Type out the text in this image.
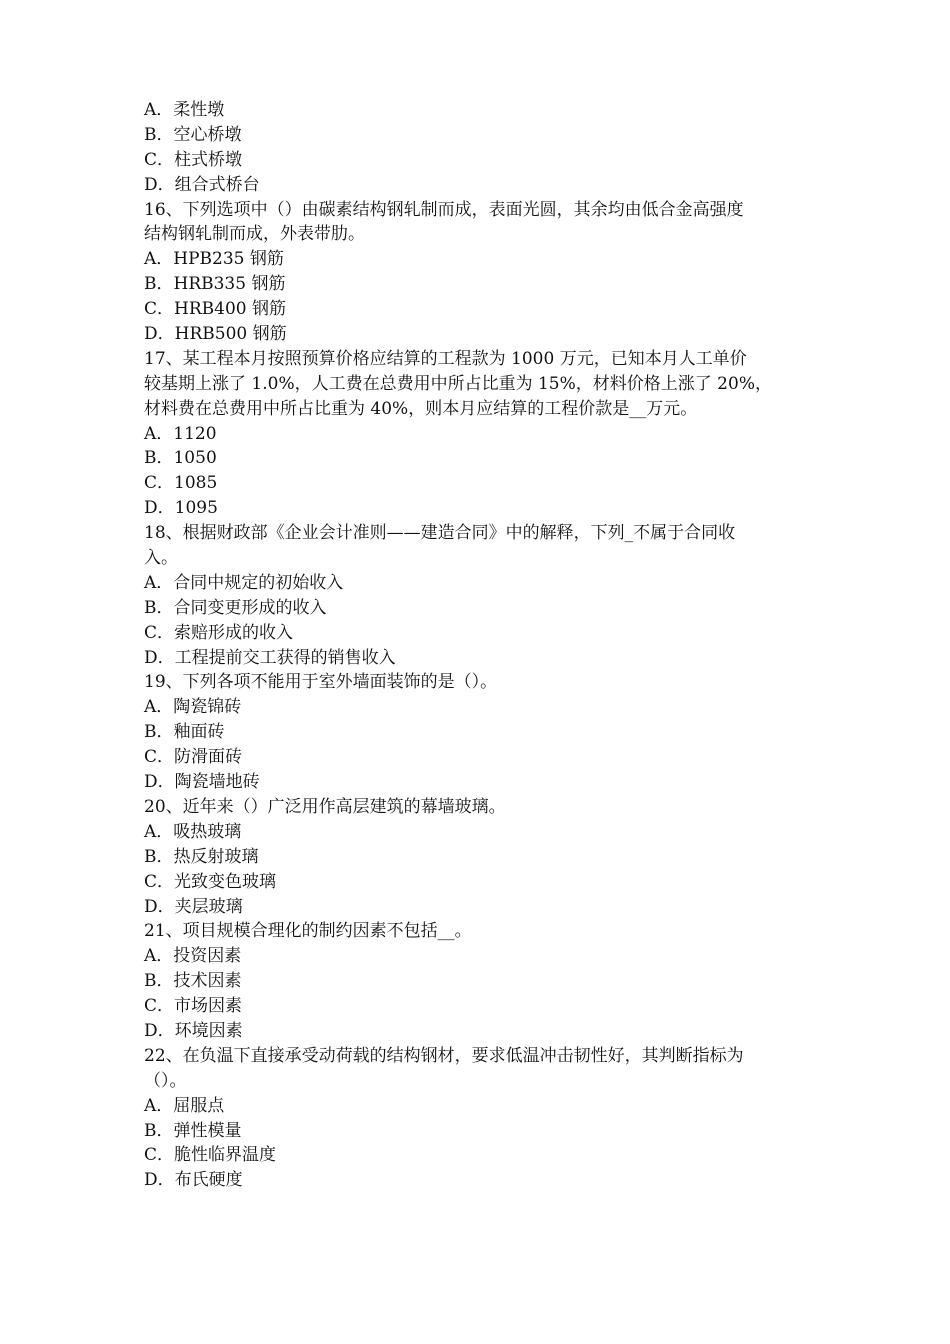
A．柔性墩
B．空心桥墩
C．柱式桥墩
D．组合式桥台
16、下列选项中（）由碳素结构钢轧制而成，表面光圆，其余均由低合金高强度
结构钢轧制而成，外表带肋。
A．HPB235 钢筋
B．HRB335 钢筋
C．HRB400 钢筋
D．HRB500 钢筋
17、某工程本月按照预算价格应结算的工程款为 1000 万元，已知本月人工单价
较基期上涨了 1.0%，人工费在总费用中所占比重为 15%，材料价格上涨了 20%，
材料费在总费用中所占比重为 40%，则本月应结算的工程价款是__万元。
A．1120
B．1050
C．1085
D．1095
18、根据财政部《企业会计准则——建造合同》中的解释，下列_不属于合同收
入。
A．合同中规定的初始收入
B．合同变更形成的收入
C．索赔形成的收入
D．工程提前交工获得的销售收入
19、下列各项不能用于室外墙面装饰的是（）。
A．陶瓷锦砖
B．釉面砖
C．防滑面砖
D．陶瓷墙地砖
20、近年来（）广泛用作高层建筑的幕墙玻璃。
A．吸热玻璃
B．热反射玻璃
C．光致变色玻璃
D．夹层玻璃
21、项目规模合理化的制约因素不包括__。
A．投资因素
B．技术因素
C．市场因素
D．环境因素
22、在负温下直接承受动荷载的结构钢材，要求低温冲击韧性好，其判断指标为
（）。
A．屈服点
B．弹性模量
C．脆性临界温度
D．布氏硬度
